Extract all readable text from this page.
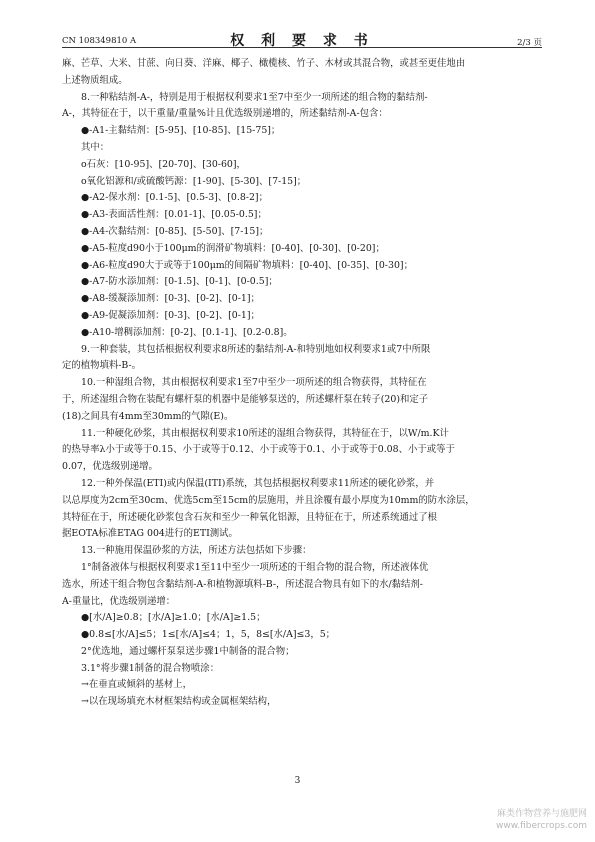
CN 108349810 A	权 利 要 求 书	2/3 页

麻、芒草、大米、甘蔗、向日葵、洋麻、椰子、橄榄核、竹子、木材或其混合物，或甚至更佳地由

上述物质组成。

8.一种粘结剂-A-，特别是用于根据权利要求1至7中至少一项所述的组合物的黏结剂-

A-，其特征在于，以干重量/重量%计且优选级别递增的，所述黏结剂-A-包含：

●-A1-主黏结剂：[5-95]、[10-85]、[15-75]；

其中：

o石灰：[10-95]、[20-70]、[30-60]，

o氧化铝源和/或硫酸钙源：[1-90]、[5-30]、[7-15]；

●-A2-保水剂：[0.1-5]、[0.5-3]、[0.8-2]；

●-A3-表面活性剂：[0.01-1]、[0.05-0.5]；

●-A4-次黏结剂：[0-85]、[5-50]、[7-15]；

●-A5-粒度d90小于100μm的润滑矿物填料：[0-40]、[0-30]、[0-20]；

●-A6-粒度d90大于或等于100μm的间隔矿物填料：[0-40]、[0-35]、[0-30]；

●-A7-防水添加剂：[0-1.5]、[0-1]、[0-0.5]；

●-A8-缓凝添加剂：[0-3]、[0-2]、[0-1]；

●-A9-促凝添加剂：[0-3]、[0-2]、[0-1]；

●-A10-增稠添加剂：[0-2]、[0.1-1]、[0.2-0.8]。

9.一种套装，其包括根据权利要求8所述的黏结剂-A-和特别地如权利要求1或7中所限

定的植物填料-B-。

10.一种湿组合物，其由根据权利要求1至7中至少一项所述的组合物获得，其特征在

于，所述湿组合物在装配有螺杆泵的机器中是能够泵送的，所述螺杆泵在转子(20)和定子

(18)之间具有4mm至30mm的气隙(E)。

11.一种硬化砂浆，其由根据权利要求10所述的湿组合物获得，其特征在于，以W/m.K计

的热导率λ小于或等于0.15、小于或等于0.12、小于或等于0.1、小于或等于0.08、小于或等于

0.07，优选级别递增。

12.一种外保温(ETI)或内保温(ITI)系统，其包括根据权利要求11所述的硬化砂浆，并

以总厚度为2cm至30cm、优选5cm至15cm的层施用，并且涂覆有最小厚度为10mm的防水涂层，

其特征在于，所述硬化砂浆包含石灰和至少一种氧化铝源，且特征在于，所述系统通过了根

据EOTA标准ETAG 004进行的ETI测试。

13.一种施用保温砂浆的方法，所述方法包括如下步骤：

1°制备液体与根据权利要求1至11中至少一项所述的干组合物的混合物，所述液体优

选水，所述干组合物包含黏结剂-A-和植物源填料-B-，所述混合物具有如下的水/黏结剂-

A-重量比，优选级别递增：

●[水/A]≥0.8；[水/A]≥1.0；[水/A]≥1.5；

●0.8≤[水/A]≤5；1≤[水/A]≤4；1，5，8≤[水/A]≤3，5；

2°优选地，通过螺杆泵泵送步骤1中制备的混合物；

3.1°将步骤1制备的混合物喷涂：

→在垂直或倾斜的基材上，

→以在现场填充木材框架结构或金属框架结构，

3
麻类作物营养与施肥网
www.fibercrops.com
